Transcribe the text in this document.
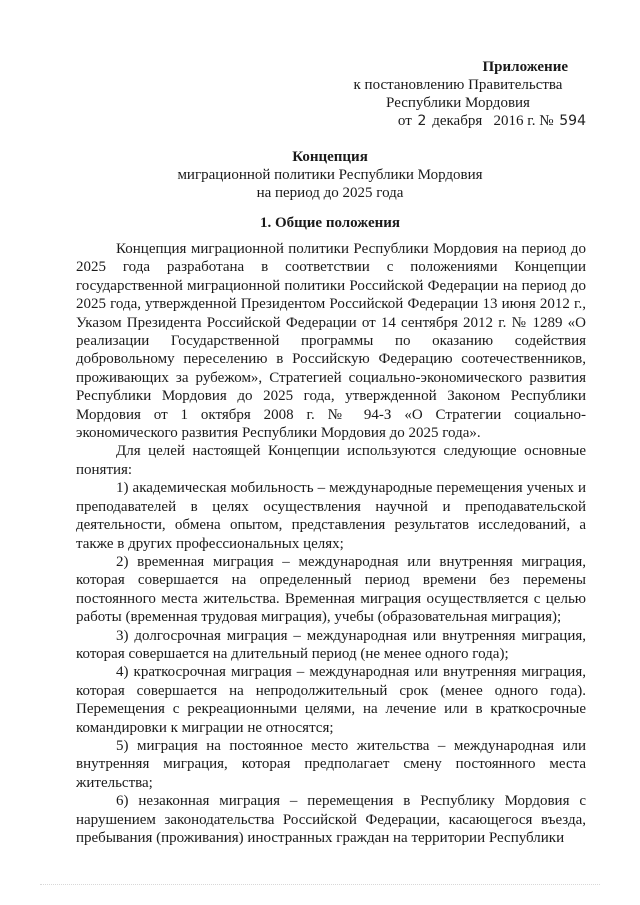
Приложение
к постановлению Правительства
Республики Мордовия
от 2 декабря 2016 г. № 594
Концепция
миграционной политики Республики Мордовия
на период до 2025 года
1. Общие положения

Концепция миграционной политики Республики Мордовия на период до 2025 года разработана в соответствии с положениями Концепции государственной миграционной политики Российской Федерации на период до 2025 года, утвержденной Президентом Российской Федерации 13 июня 2012 г., Указом Президента Российской Федерации от 14 сентября 2012 г. № 1289 «О реализации Государственной программы по оказанию содействия добровольному переселению в Российскую Федерацию соотечественников, проживающих за рубежом», Стратегией социально-экономического развития Республики Мордовия до 2025 года, утвержденной Законом Республики Мордовия от 1 октября 2008 г. № 94-З «О Стратегии социально-экономического развития Республики Мордовия до 2025 года».

Для целей настоящей Концепции используются следующие основные понятия:

1) академическая мобильность – международные перемещения ученых и преподавателей в целях осуществления научной и преподавательской деятельности, обмена опытом, представления результатов исследований, а также в других профессиональных целях;

2) временная миграция – международная или внутренняя миграция, которая совершается на определенный период времени без перемены постоянного места жительства. Временная миграция осуществляется с целью работы (временная трудовая миграция), учебы (образовательная миграция);

3) долгосрочная миграция – международная или внутренняя миграция, которая совершается на длительный период (не менее одного года);

4) краткосрочная миграция – международная или внутренняя миграция, которая совершается на непродолжительный срок (менее одного года). Перемещения с рекреационными целями, на лечение или в краткосрочные командировки к миграции не относятся;

5) миграция на постоянное место жительства – международная или внутренняя миграция, которая предполагает смену постоянного места жительства;

6) незаконная миграция – перемещения в Республику Мордовия с нарушением законодательства Российской Федерации, касающегося въезда, пребывания (проживания) иностранных граждан на территории Республики
